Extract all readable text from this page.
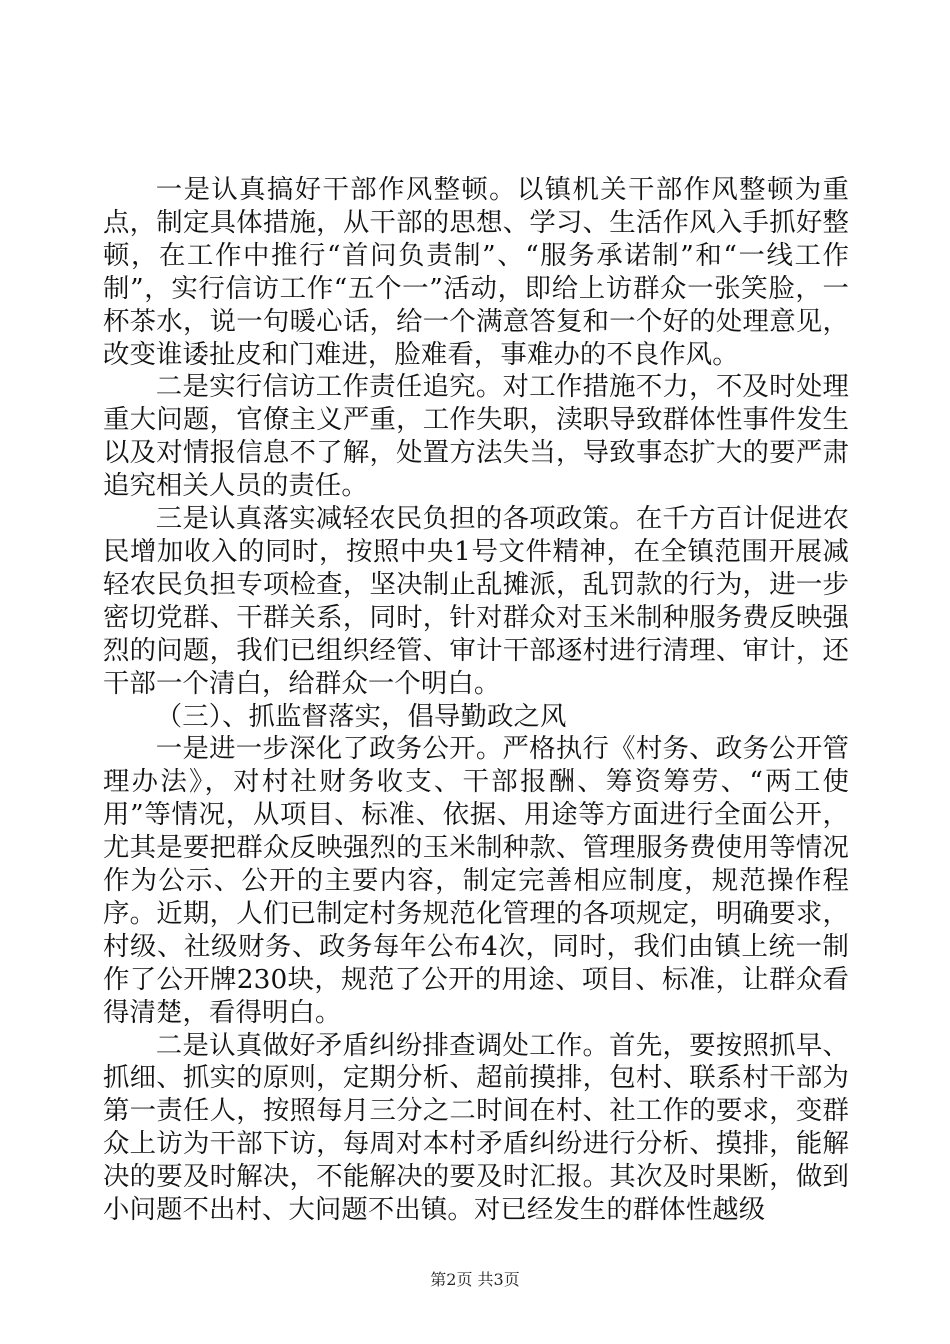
一是认真搞好干部作风整顿。以镇机关干部作风整顿为重点，制定具体措施，从干部的思想、学习、生活作风入手抓好整顿，在工作中推行“首问负责制”、“服务承诺制”和“一线工作制”，实行信访工作“五个一”活动，即给上访群众一张笑脸，一杯茶水，说一句暖心话，给一个满意答复和一个好的处理意见，改变谁诿扯皮和门难进，脸难看，事难办的不良作风。

二是实行信访工作责任追究。对工作措施不力，不及时处理重大问题，官僚主义严重，工作失职，渎职导致群体性事件发生以及对情报信息不了解，处置方法失当，导致事态扩大的要严肃追究相关人员的责任。

三是认真落实减轻农民负担的各项政策。在千方百计促进农民增加收入的同时，按照中央1号文件精神，在全镇范围开展减轻农民负担专项检查，坚决制止乱摊派，乱罚款的行为，进一步密切党群、干群关系，同时，针对群众对玉米制种服务费反映强烈的问题，我们已组织经管、审计干部逐村进行清理、审计，还干部一个清白，给群众一个明白。

（三）、抓监督落实，倡导勤政之风

一是进一步深化了政务公开。严格执行《村务、政务公开管理办法》，对村社财务收支、干部报酬、筹资筹劳、“两工使用”等情况，从项目、标准、依据、用途等方面进行全面公开，尤其是要把群众反映强烈的玉米制种款、管理服务费使用等情况作为公示、公开的主要内容，制定完善相应制度，规范操作程序。近期，人们已制定村务规范化管理的各项规定，明确要求，村级、社级财务、政务每年公布4次，同时，我们由镇上统一制作了公开牌230块，规范了公开的用途、项目、标准，让群众看得清楚，看得明白。

二是认真做好矛盾纠纷排查调处工作。首先，要按照抓早、抓细、抓实的原则，定期分析、超前摸排，包村、联系村干部为第一责任人，按照每月三分之二时间在村、社工作的要求，变群众上访为干部下访，每周对本村矛盾纠纷进行分析、摸排，能解决的要及时解决，不能解决的要及时汇报。其次及时果断，做到小问题不出村、大问题不出镇。对已经发生的群体性越级

第2页 共3页
